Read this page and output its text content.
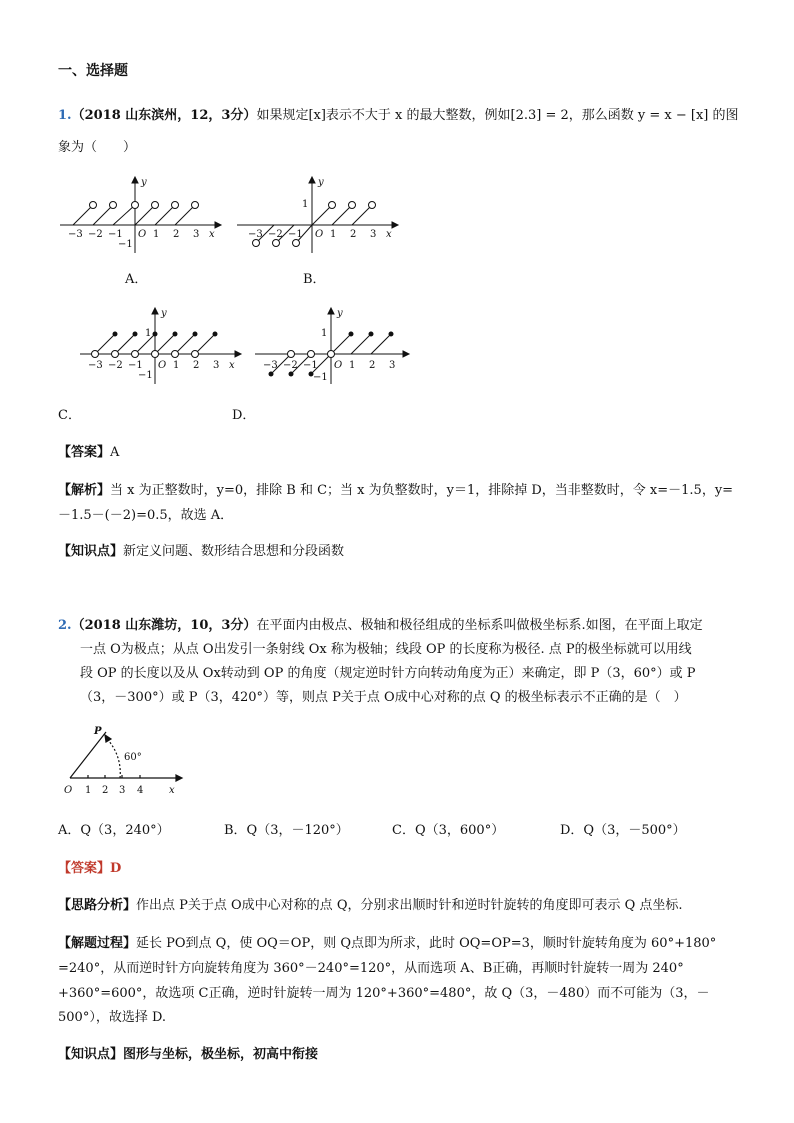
一、选择题
1.（2018 山东滨州，12，3分）如果规定[x]表示不大于 x 的最大整数，例如[2.3] = 2，那么函数 y = x − [x] 的图
象为（　　）
y
x
−3 −2 −1 O 1 2 3
−1
y
x
1
−3 −2 −1 O 1 2 3
A．	B．
y
x
1
−3 −2 −1 O 1 2 3
−1
y
1
−3 −2 −1 O 1 2 3
−1
C．	D．
【答案】A
【解析】当 x 为正整数时，y=0，排除 B 和 C；当 x 为负整数时，y＝1，排除掉 D，当非整数时，令 x=－1.5，y=
－1.5－(－2)=0.5，故选 A．
【知识点】新定义问题、数形结合思想和分段函数
2.（2018 山东潍坊，10，3分）在平面内由极点、极轴和极径组成的坐标系叫做极坐标系.如图，在平面上取定
一点 O为极点；从点 O出发引一条射线 Ox 称为极轴；线段 OP 的长度称为极径. 点 P的极坐标就可以用线
段 OP 的长度以及从 Ox转动到 OP 的角度（规定逆时针方向转动角度为正）来确定，即 P（3，60°）或 P
（3，－300°）或 P（3，420°）等，则点 P关于点 O成中心对称的点 Q 的极坐标表示不正确的是（　）
P
60°
O 1 2 3 4	x
A．Q（3，240°）	B．Q（3，－120°）	C．Q（3，600°）	D．Q（3，－500°）
【答案】D
【思路分析】作出点 P关于点 O成中心对称的点 Q，分别求出顺时针和逆时针旋转的角度即可表示 Q 点坐标.
【解题过程】延长 PO到点 Q，使 OQ＝OP，则 Q点即为所求，此时 OQ=OP=3，顺时针旋转角度为 60°+180°
=240°，从而逆时针方向旋转角度为 360°－240°=120°，从而选项 A、B正确，再顺时针旋转一周为 240°
+360°=600°，故选项 C正确，逆时针旋转一周为 120°+360°=480°，故 Q（3，－480）而不可能为（3，－
500°），故选择 D.
【知识点】图形与坐标，极坐标，初高中衔接
